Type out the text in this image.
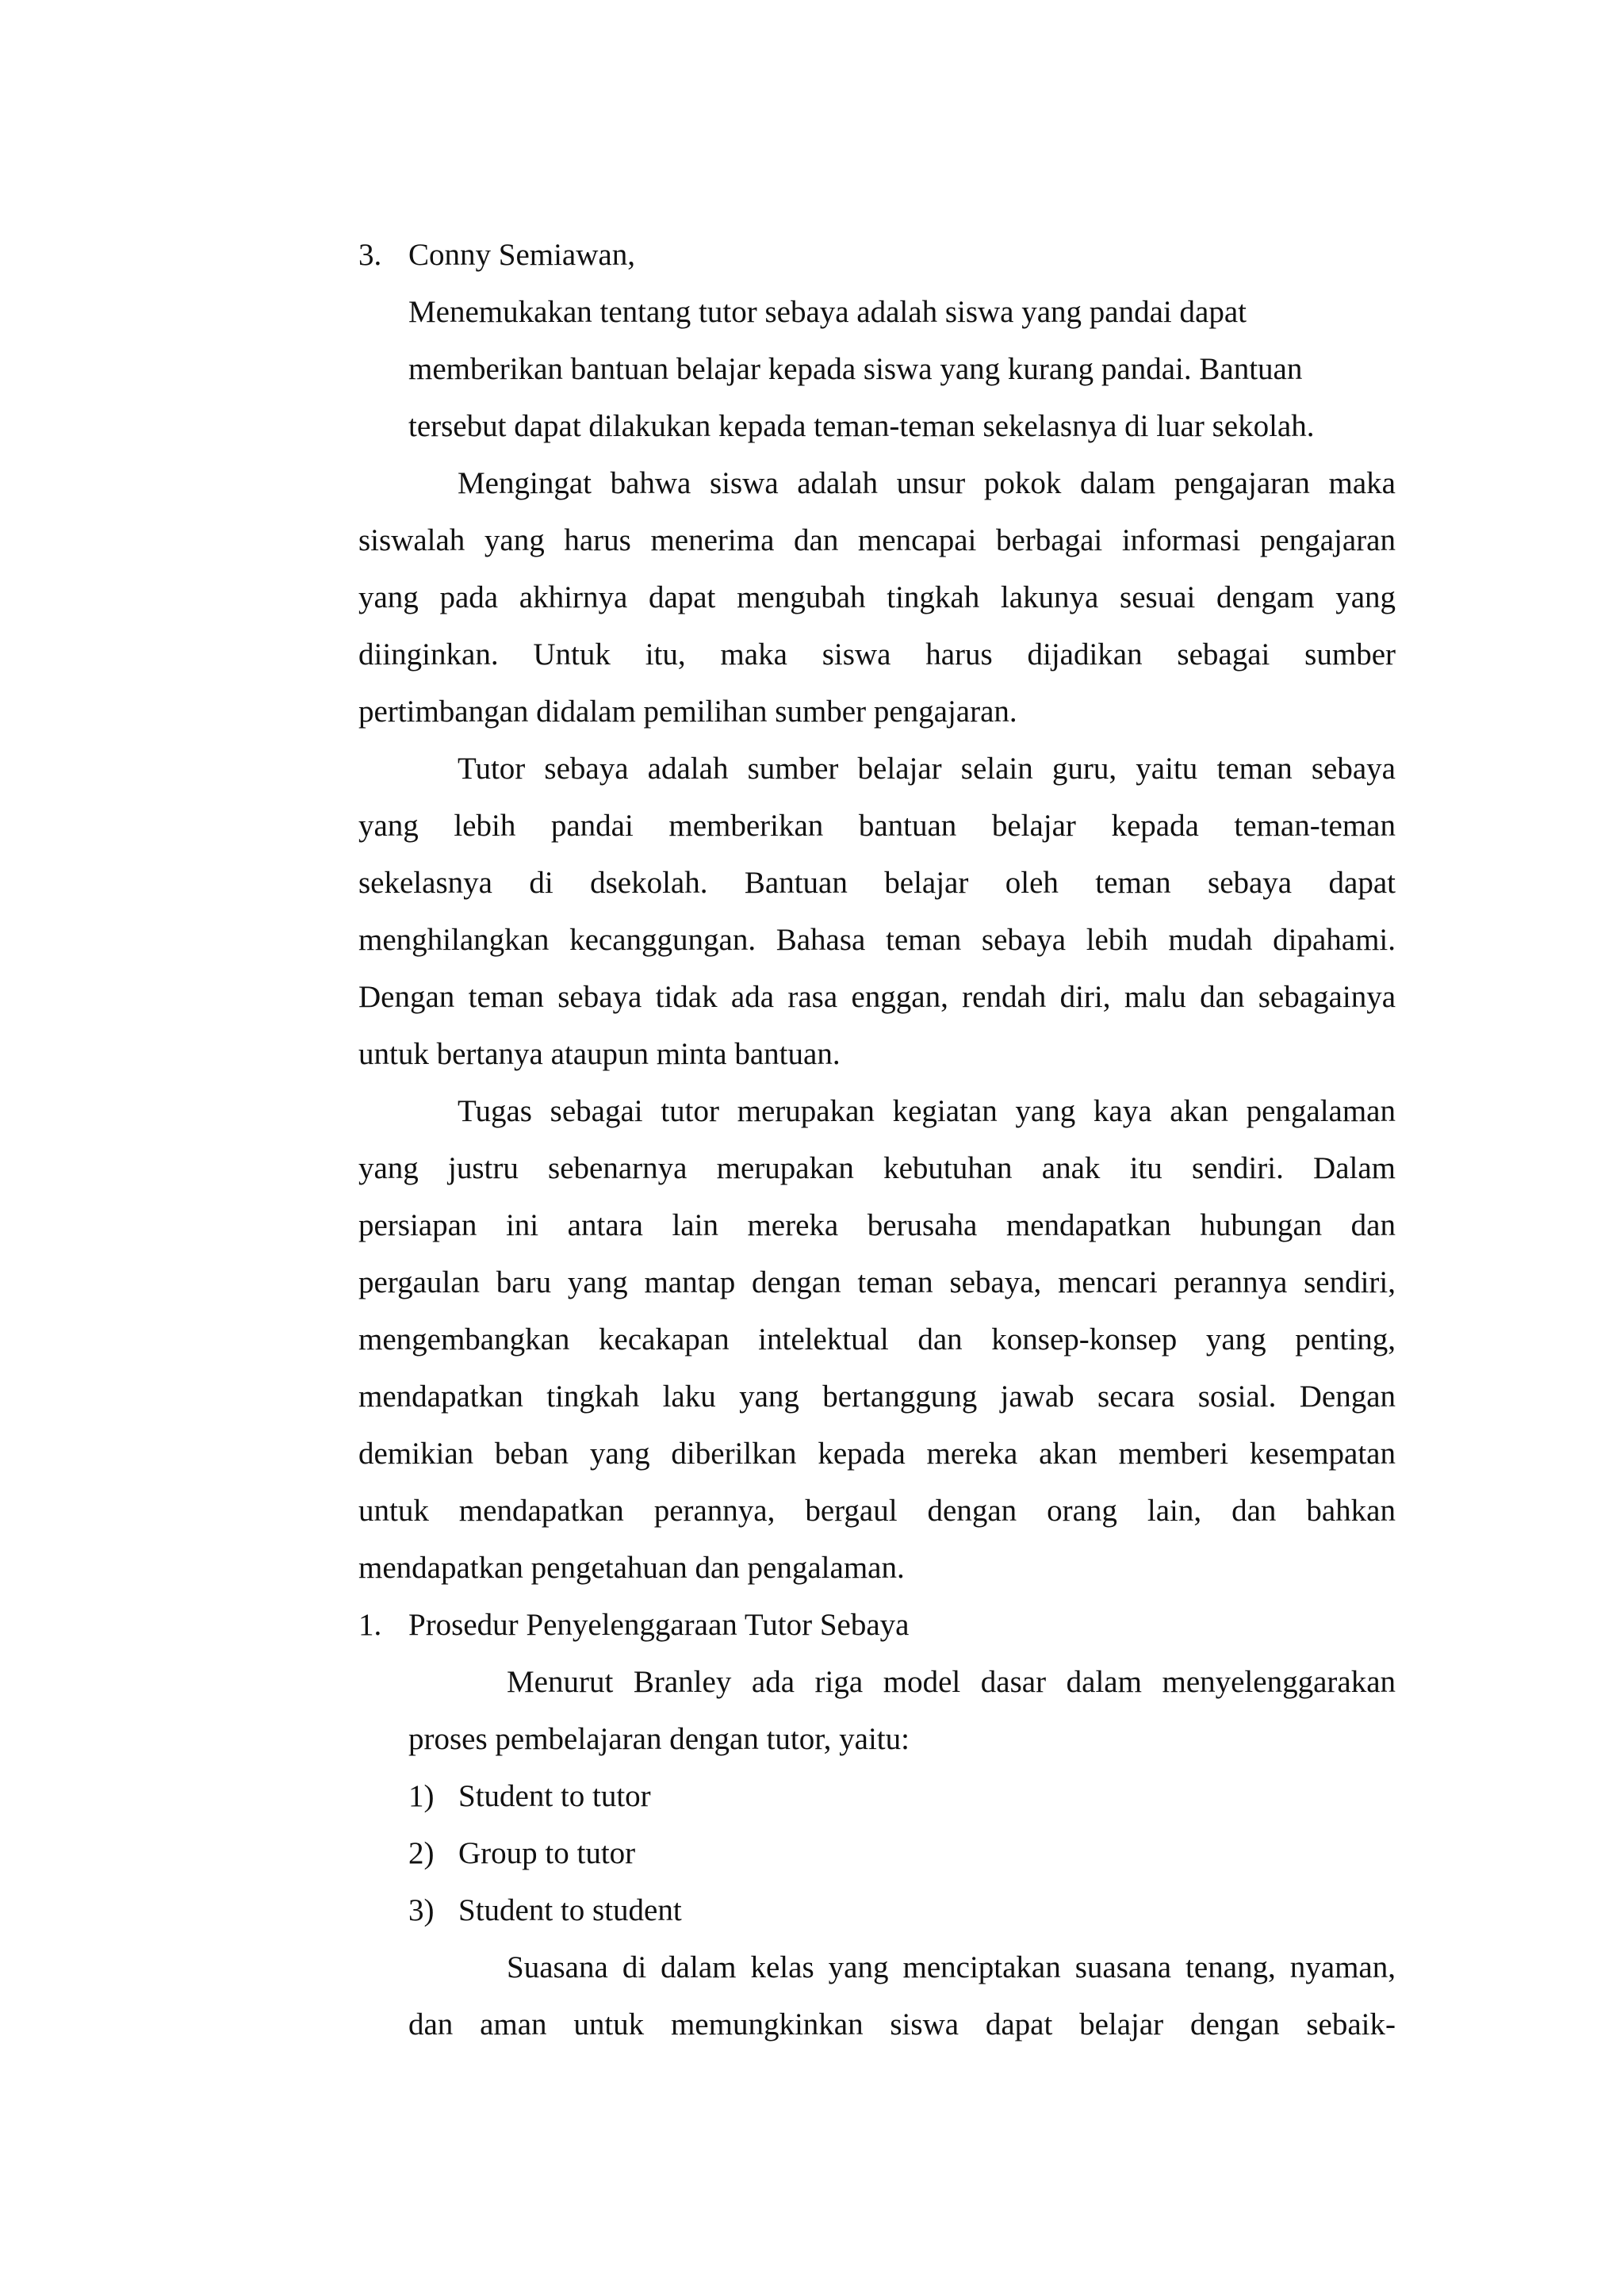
3. Conny Semiawan,
Menemukakan tentang tutor sebaya adalah siswa yang pandai dapat
memberikan bantuan belajar kepada siswa yang kurang pandai. Bantuan
tersebut dapat dilakukan kepada teman-teman sekelasnya di luar sekolah.
Mengingat bahwa siswa adalah unsur pokok dalam pengajaran maka
siswalah yang harus menerima dan mencapai berbagai informasi pengajaran
yang pada akhirnya dapat mengubah tingkah lakunya sesuai dengam yang
diinginkan. Untuk itu, maka siswa harus dijadikan sebagai sumber
pertimbangan didalam pemilihan sumber pengajaran.
Tutor sebaya adalah sumber belajar selain guru, yaitu teman sebaya
yang lebih pandai memberikan bantuan belajar kepada teman-teman
sekelasnya di dsekolah. Bantuan belajar oleh teman sebaya dapat
menghilangkan kecanggungan. Bahasa teman sebaya lebih mudah dipahami.
Dengan teman sebaya tidak ada rasa enggan, rendah diri, malu dan sebagainya
untuk bertanya ataupun minta bantuan.
Tugas sebagai tutor merupakan kegiatan yang kaya akan pengalaman
yang justru sebenarnya merupakan kebutuhan anak itu sendiri. Dalam
persiapan ini antara lain mereka berusaha mendapatkan hubungan dan
pergaulan baru yang mantap dengan teman sebaya, mencari perannya sendiri,
mengembangkan kecakapan intelektual dan konsep-konsep yang penting,
mendapatkan tingkah laku yang bertanggung jawab secara sosial. Dengan
demikian beban yang diberilkan kepada mereka akan memberi kesempatan
untuk mendapatkan perannya, bergaul dengan orang lain, dan bahkan
mendapatkan pengetahuan dan pengalaman.
1. Prosedur Penyelenggaraan Tutor Sebaya
Menurut Branley ada riga model dasar dalam menyelenggarakan
proses pembelajaran dengan tutor, yaitu:
1) Student to tutor
2) Group to tutor
3) Student to student
Suasana di dalam kelas yang menciptakan suasana tenang, nyaman,
dan aman untuk memungkinkan siswa dapat belajar dengan sebaik-
